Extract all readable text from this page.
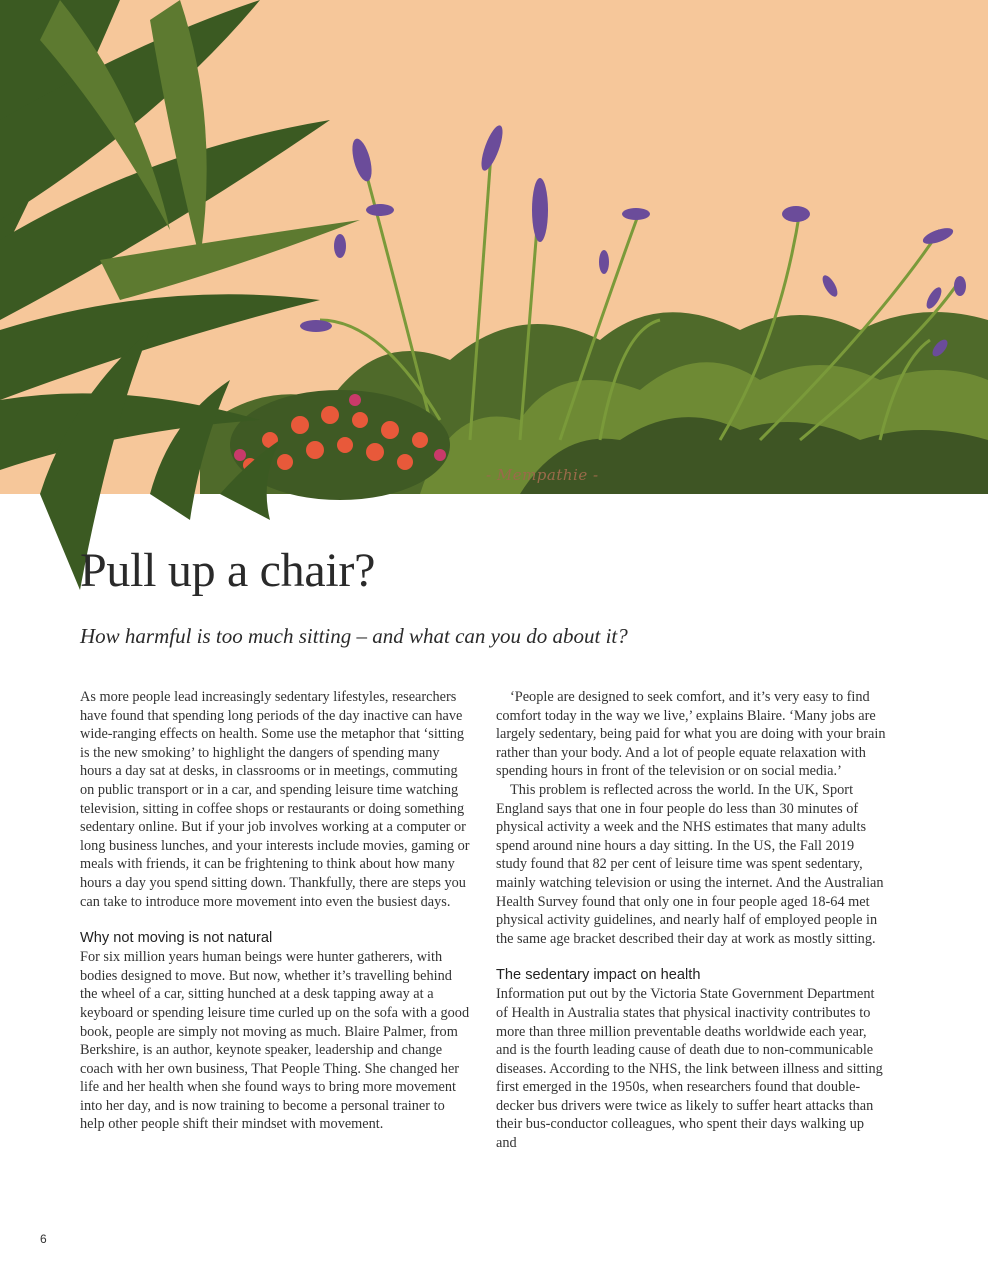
- Mempathie -
Pull up a chair?
How harmful is too much sitting – and what can you do about it?

As more people lead increasingly sedentary lifestyles, researchers have found that spending long periods of the day inactive can have wide-ranging effects on health. Some use the metaphor that ‘sitting is the new smoking’ to highlight the dangers of spending many hours a day sat at desks, in classrooms or in meetings, commuting on public transport or in a car, and spending leisure time watching television, sitting in coffee shops or restaurants or doing something sedentary online. But if your job involves working at a computer or long business lunches, and your interests include movies, gaming or meals with friends, it can be frightening to think about how many hours a day you spend sitting down. Thankfully, there are steps you can take to introduce more movement into even the busiest days.

Why not moving is not natural

For six million years human beings were hunter gatherers, with bodies designed to move. But now, whether it’s travelling behind the wheel of a car, sitting hunched at a desk tapping away at a keyboard or spending leisure time curled up on the sofa with a good book, people are simply not moving as much. Blaire Palmer, from Berkshire, is an author, keynote speaker, leadership and change coach with her own business, That People Thing. She changed her life and her health when she found ways to bring more movement into her day, and is now training to become a personal trainer to help other people shift their mindset with movement.

‘People are designed to seek comfort, and it’s very easy to find comfort today in the way we live,’ explains Blaire. ‘Many jobs are largely sedentary, being paid for what you are doing with your brain rather than your body. And a lot of people equate relaxation with spending hours in front of the television or on social media.’

This problem is reflected across the world. In the UK, Sport England says that one in four people do less than 30 minutes of physical activity a week and the NHS estimates that many adults spend around nine hours a day sitting. In the US, the Fall 2019 study found that 82 per cent of leisure time was spent sedentary, mainly watching television or using the internet. And the Australian Health Survey found that only one in four people aged 18-64 met physical activity guidelines, and nearly half of employed people in the same age bracket described their day at work as mostly sitting.

The sedentary impact on health

Information put out by the Victoria State Government Department of Health in Australia states that physical inactivity contributes to more than three million preventable deaths worldwide each year, and is the fourth leading cause of death due to non-communicable diseases. According to the NHS, the link between illness and sitting first emerged in the 1950s, when researchers found that double-decker bus drivers were twice as likely to suffer heart attacks than their bus-conductor colleagues, who spent their days walking up and

6
